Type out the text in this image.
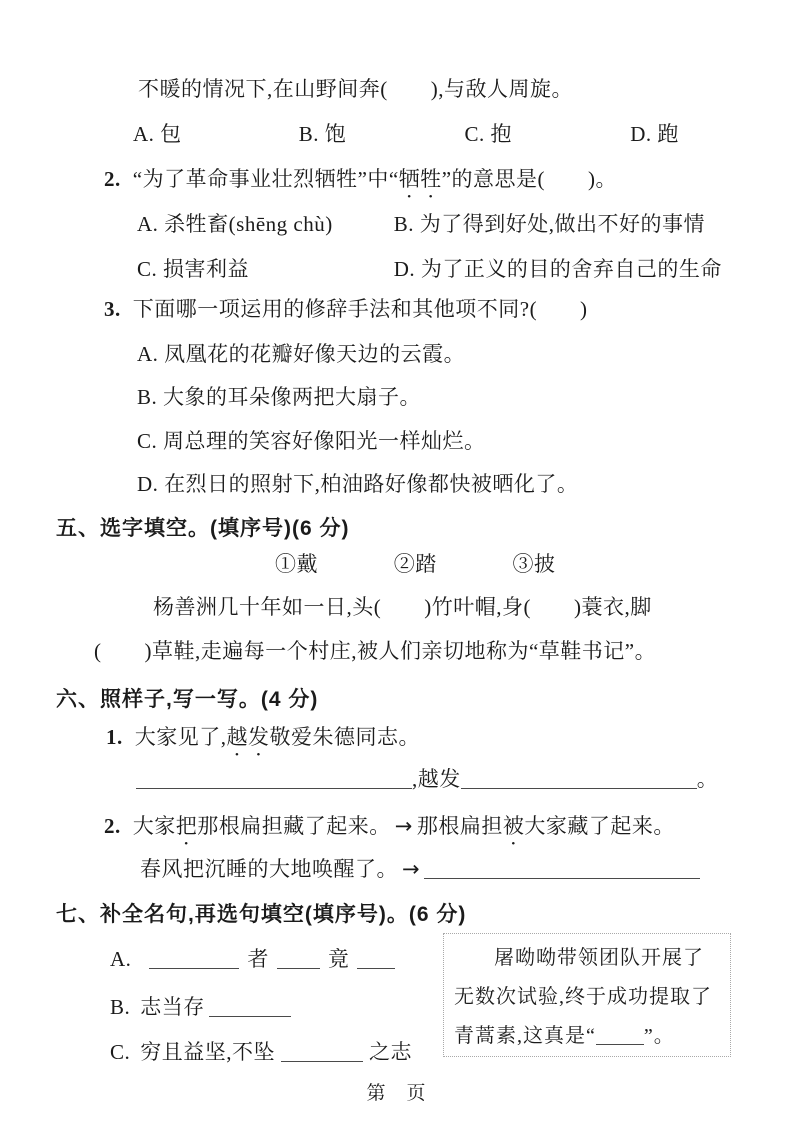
不暖的情况下,在山野间奔(　　),与敌人周旋。
A. 包	B. 饱	C. 抱	D. 跑
2. “为了革命事业壮烈牺牲”中“牺牲”的意思是(　　)。
A. 杀牲畜(shēng chù)	B. 为了得到好处,做出不好的事情
C. 损害利益	D. 为了正义的目的舍弃自己的生命
3. 下面哪一项运用的修辞手法和其他项不同?(　　)
A. 凤凰花的花瓣好像天边的云霞。
B. 大象的耳朵像两把大扇子。
C. 周总理的笑容好像阳光一样灿烂。
D. 在烈日的照射下,柏油路好像都快被晒化了。
五、选字填空。(填序号)(6 分)
①戴	②踏	③披
杨善洲几十年如一日,头(　　)竹叶帽,身(　　)蓑衣,脚
(　　)草鞋,走遍每一个村庄,被人们亲切地称为“草鞋书记”。
六、照样子,写一写。(4 分)
1. 大家见了,越发敬爱朱德同志。
,越发	。
2. 大家把那根扁担藏了起来。 → 那根扁担被大家藏了起来。
春风把沉睡的大地唤醒了。 →
七、补全名句,再选句填空(填序号)。(6 分)
A.	者	竟
B. 志当存
C. 穷且益坚,不坠	之志
屠呦呦带领团队开展了无数次试验,终于成功提取了青蒿素,这真是“ ”。
第　页
